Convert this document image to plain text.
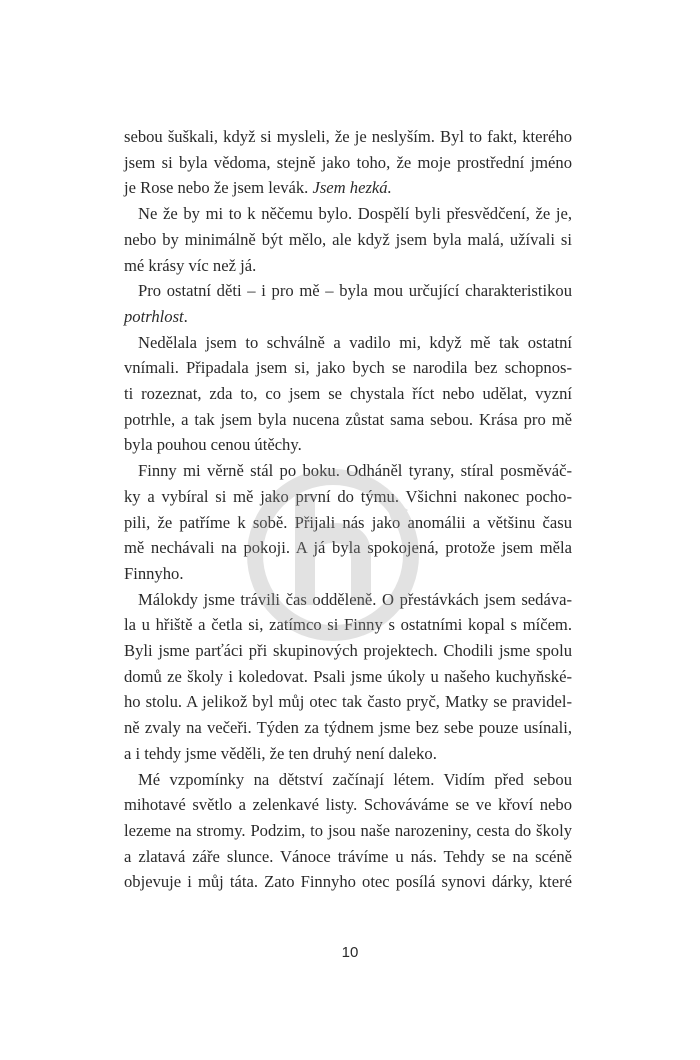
sebou šuškali, když si mysleli, že je neslyším. Byl to fakt, kterého
jsem si byla vědoma, stejně jako toho, že moje prostřední jméno
je Rose nebo že jsem levák. Jsem hezká.
Ne že by mi to k něčemu bylo. Dospělí byli přesvědčení, že je,
nebo by minimálně být mělo, ale když jsem byla malá, užívali si
mé krásy víc než já.
Pro ostatní děti – i pro mě – byla mou určující charakteristikou
potrhlost.
Nedělala jsem to schválně a vadilo mi, když mě tak ostatní
vnímali. Připadala jsem si, jako bych se narodila bez schopnos-
ti rozeznat, zda to, co jsem se chystala říct nebo udělat, vyzní
potrhle, a tak jsem byla nucena zůstat sama sebou. Krása pro mě
byla pouhou cenou útěchy.
Finny mi věrně stál po boku. Odháněl tyrany, stíral posměváč-
ky a vybíral si mě jako první do týmu. Všichni nakonec pocho-
pili, že patříme k sobě. Přijali nás jako anomálii a většinu času
mě nechávali na pokoji. A já byla spokojená, protože jsem měla
Finnyho.
Málokdy jsme trávili čas odděleně. O přestávkách jsem sedáva-
la u hřiště a četla si, zatímco si Finny s ostatními kopal s míčem.
Byli jsme parťáci při skupinových projektech. Chodili jsme spolu
domů ze školy i koledovat. Psali jsme úkoly u našeho kuchyňské-
ho stolu. A jelikož byl můj otec tak často pryč, Matky se pravidel-
ně zvaly na večeři. Týden za týdnem jsme bez sebe pouze usínali,
a i tehdy jsme věděli, že ten druhý není daleko.
Mé vzpomínky na dětství začínají létem. Vidím před sebou
mihotavé světlo a zelenkavé listy. Schováváme se ve křoví nebo
lezeme na stromy. Podzim, to jsou naše narozeniny, cesta do školy
a zlatavá záře slunce. Vánoce trávíme u nás. Tehdy se na scéně
objevuje i můj táta. Zato Finnyho otec posílá synovi dárky, které
10
